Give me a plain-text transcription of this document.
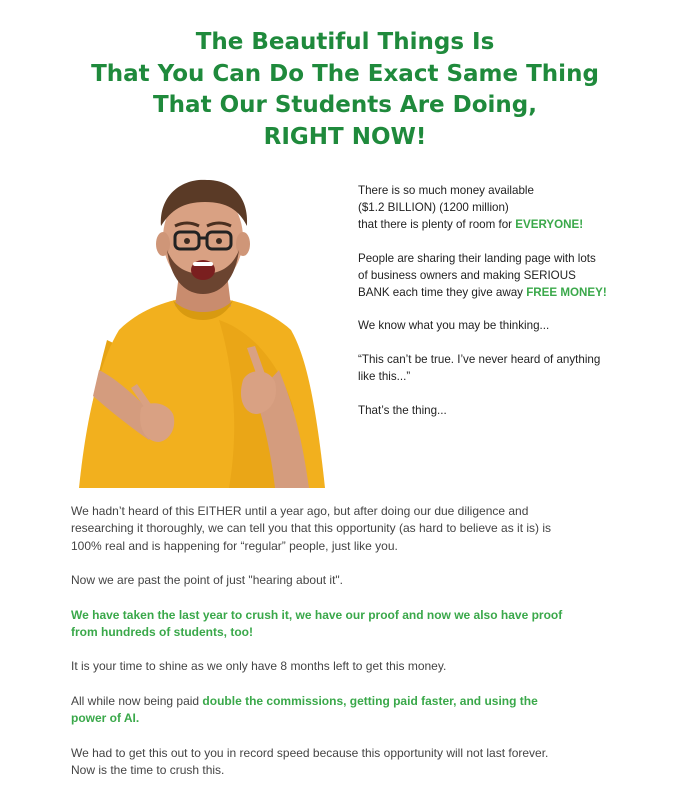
The Beautiful Things Is
That You Can Do The Exact Same Thing
That Our Students Are Doing,
RIGHT NOW!

There is so much money available
($1.2 BILLION) (1200 million)
that there is plenty of room for EVERYONE!

People are sharing their landing page with lots
of business owners and making SERIOUS
BANK each time they give away FREE MONEY!

We know what you may be thinking...

“This can’t be true. I’ve never heard of anything
like this...”

That’s the thing...

We hadn’t heard of this EITHER until a year ago, but after doing our due diligence and
researching it thoroughly, we can tell you that this opportunity (as hard to believe as it is) is
100% real and is happening for “regular” people, just like you.

Now we are past the point of just "hearing about it".

We have taken the last year to crush it, we have our proof and now we also have proof
from hundreds of students, too!

It is your time to shine as we only have 8 months left to get this money.

All while now being paid double the commissions, getting paid faster, and using the
power of AI.

We had to get this out to you in record speed because this opportunity will not last forever.
Now is the time to crush this.
